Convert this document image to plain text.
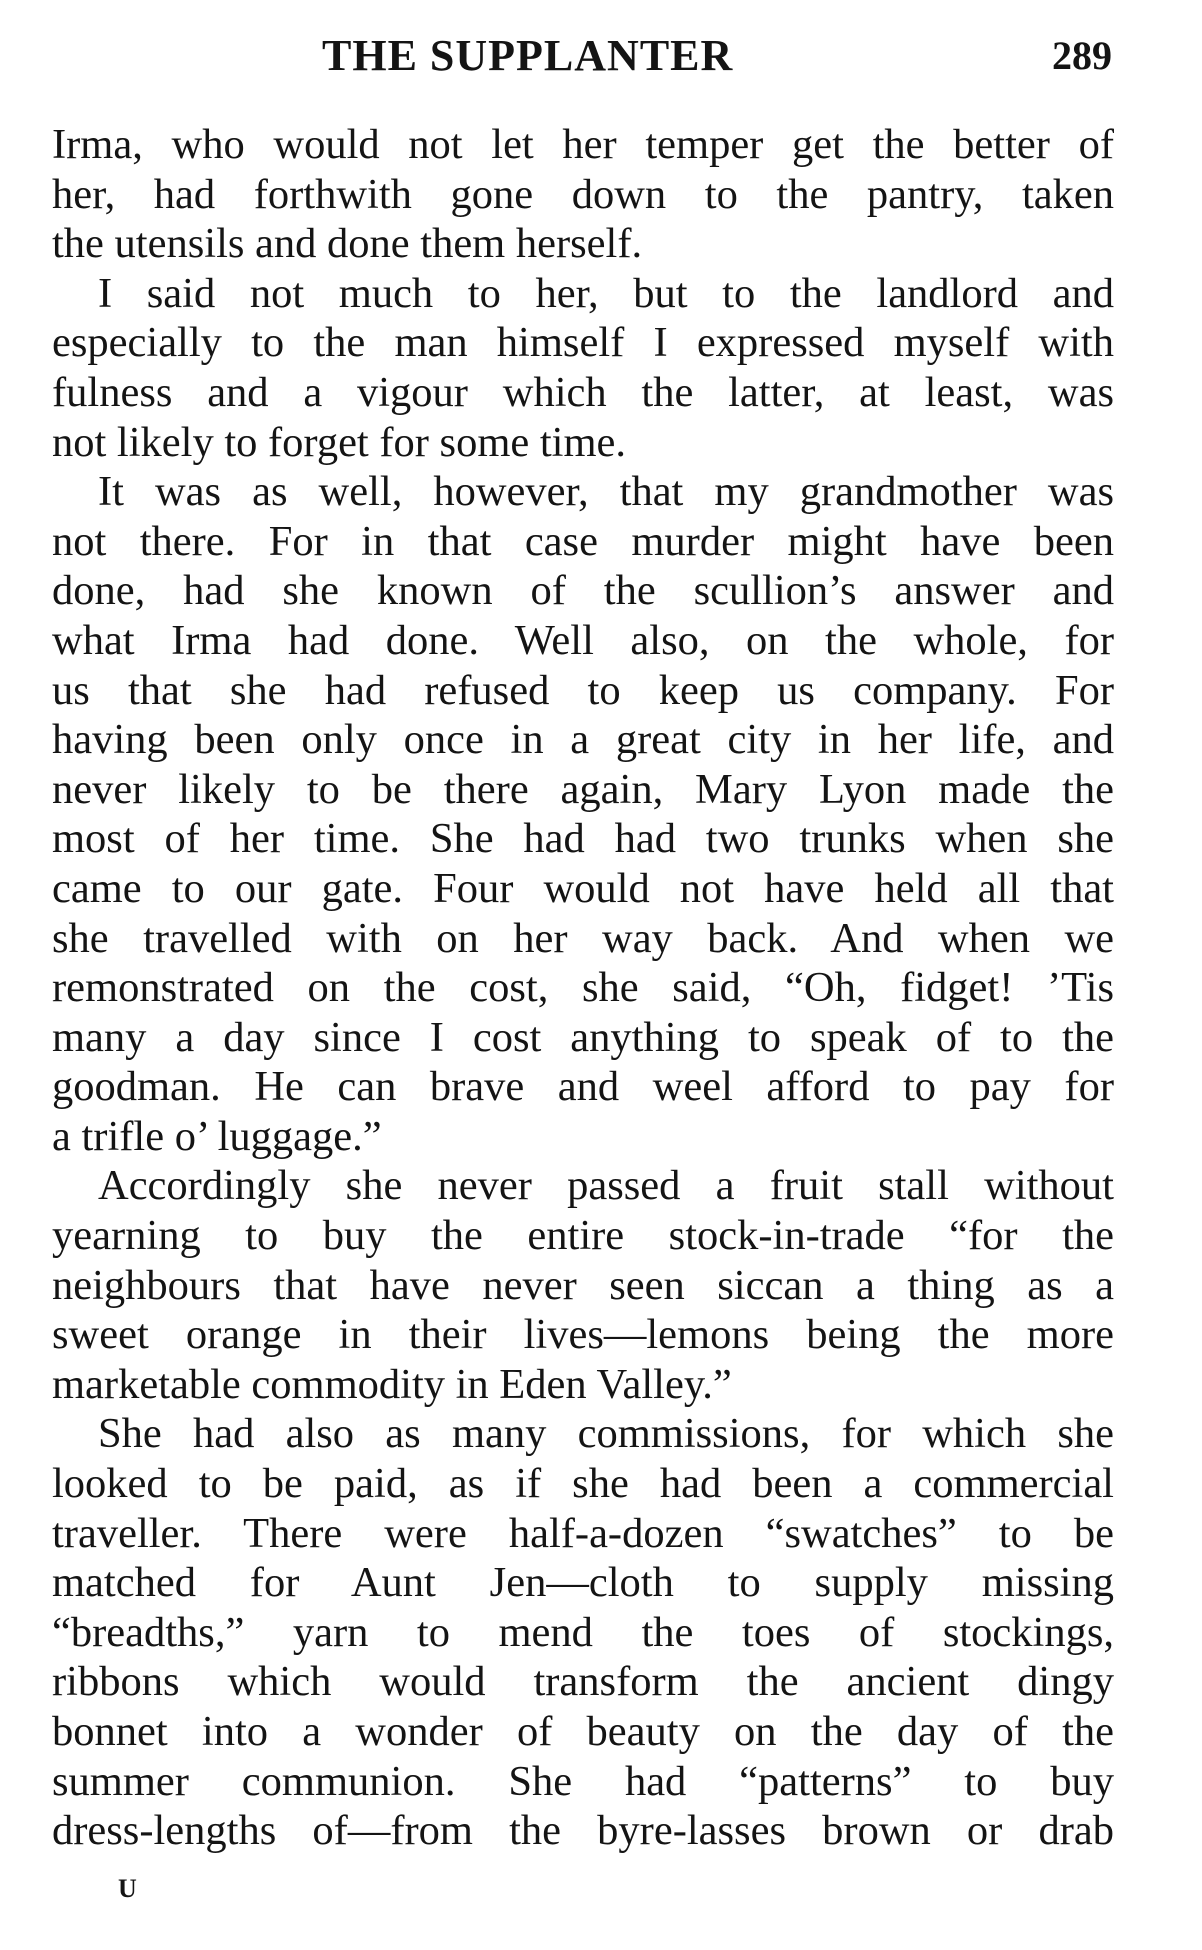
THE SUPPLANTER	289
Irma, who would not let her temper get the better of
her, had forthwith gone down to the pantry, taken
the utensils and done them herself.
I said not much to her, but to the landlord and
especially to the man himself I expressed myself with
fulness and a vigour which the latter, at least, was
not likely to forget for some time.
It was as well, however, that my grandmother was
not there. For in that case murder might have been
done, had she known of the scullion’s answer and
what Irma had done. Well also, on the whole, for
us that she had refused to keep us company. For
having been only once in a great city in her life, and
never likely to be there again, Mary Lyon made the
most of her time. She had had two trunks when she
came to our gate. Four would not have held all that
she travelled with on her way back. And when we
remonstrated on the cost, she said, “Oh, fidget! ’Tis
many a day since I cost anything to speak of to the
goodman. He can brave and weel afford to pay for
a trifle o’ luggage.”
Accordingly she never passed a fruit stall without
yearning to buy the entire stock-in-trade “for the
neighbours that have never seen siccan a thing as a
sweet orange in their lives—lemons being the more
marketable commodity in Eden Valley.”
She had also as many commissions, for which she
looked to be paid, as if she had been a commercial
traveller. There were half-a-dozen “swatches” to be
matched for Aunt Jen—cloth to supply missing
“breadths,” yarn to mend the toes of stockings,
ribbons which would transform the ancient dingy
bonnet into a wonder of beauty on the day of the
summer communion. She had “patterns” to buy
dress-lengths of—from the byre-lasses brown or drab
U
